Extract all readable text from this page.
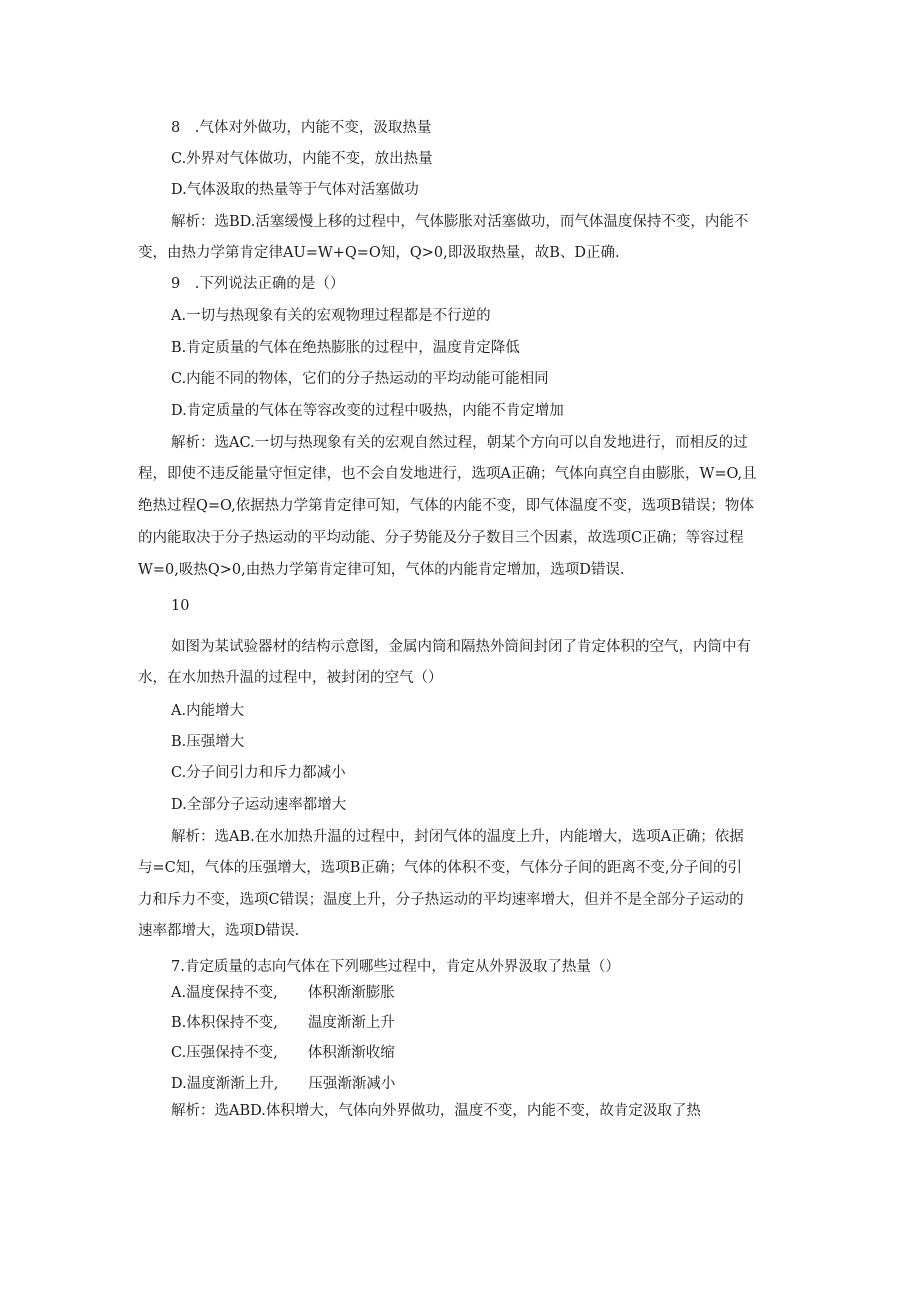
8　.气体对外做功，内能不变，汲取热量
C.外界对气体做功，内能不变，放出热量
D.气体汲取的热量等于气体对活塞做功
解析：选BD.活塞缓慢上移的过程中，气体膨胀对活塞做功，而气体温度保持不变，内能不
变，由热力学第肯定律AU=W+Q=O知，Q>0,即汲取热量，故B、D正确.
9　.下列说法正确的是（）
A.一切与热现象有关的宏观物理过程都是不行逆的
B.肯定质量的气体在绝热膨胀的过程中，温度肯定降低
C.内能不同的物体，它们的分子热运动的平均动能可能相同
D.肯定质量的气体在等容改变的过程中吸热，内能不肯定增加
解析：选AC.一切与热现象有关的宏观自然过程，朝某个方向可以自发地进行，而相反的过
程，即使不违反能量守恒定律，也不会自发地进行，选项A正确；气体向真空自由膨胀，W=O,且
绝热过程Q=O,依据热力学第肯定律可知，气体的内能不变，即气体温度不变，选项B错误；物体
的内能取决于分子热运动的平均动能、分子势能及分子数目三个因素，故选项C正确；等容过程
W=0,吸热Q>0,由热力学第肯定律可知，气体的内能肯定增加，选项D错误.
10
如图为某试验器材的结构示意图，金属内筒和隔热外筒间封闭了肯定体积的空气，内筒中有
水，在水加热升温的过程中，被封闭的空气（）
A.内能增大
B.压强增大
C.分子间引力和斥力都减小
D.全部分子运动速率都增大
解析：选AB.在水加热升温的过程中，封闭气体的温度上升，内能增大，选项A正确；依据
与=C知，气体的压强增大，选项B正确；气体的体积不变，气体分子间的距离不变,分子间的引
力和斥力不变，选项C错误；温度上升，分子热运动的平均速率增大，但并不是全部分子运动的
速率都增大，选项D错误.
7.肯定质量的志向气体在下列哪些过程中，肯定从外界汲取了热量（）
A.温度保持不变, 体积渐渐膨胀
B.体积保持不变, 温度渐渐上升
C.压强保持不变, 体积渐渐收缩
D.温度渐渐上升, 压强渐渐减小
解析：选ABD.体积增大，气体向外界做功，温度不变，内能不变，故肯定汲取了热
